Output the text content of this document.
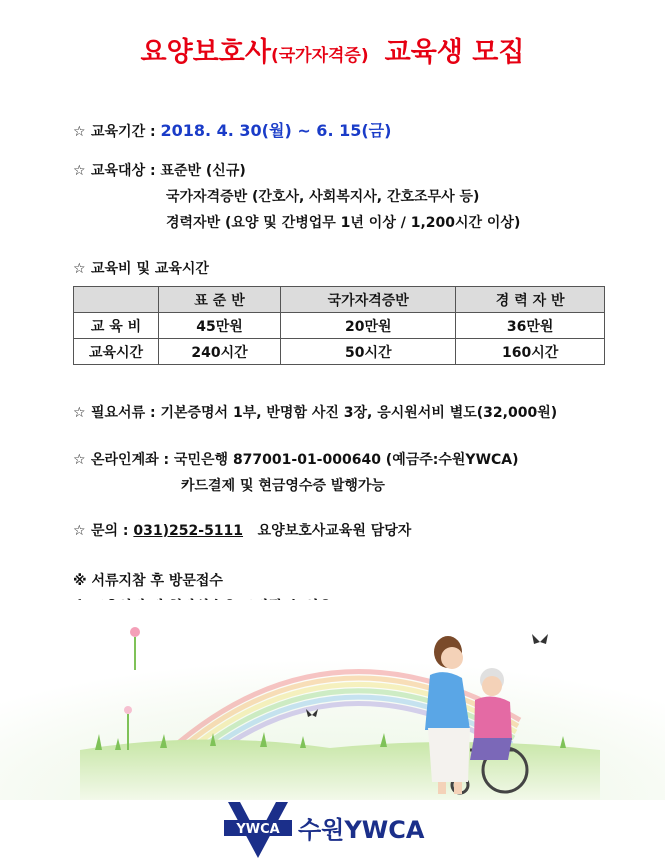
요양보호사(국가자격증) 교육생 모집
☆ 교육기간 : 2018. 4. 30(월) ~ 6. 15(금)
☆ 교육대상 : 표준반 (신규)
국가자격증반 (간호사, 사회복지사, 간호조무사 등)
경력자반 (요양 및 간병업무 1년 이상 / 1,200시간 이상)
☆ 교육비 및 교육시간
	표 준 반	국가자격증반	경 력 자 반
교 육 비	45만원	20만원	36만원
교육시간	240시간	50시간	160시간
☆ 필요서류 : 기본증명서 1부, 반명함 사진 3장, 응시원서비 별도(32,000원)
☆ 온라인계좌 : 국민은행 877001-01-000640 (예금주:수원YWCA)
카드결제 및 현금영수증 발행가능
☆ 문의 : 031)252-5111 요양보호사교육원 담당자
※ 서류지참 후 방문접수
YWCA 수원YWCA
